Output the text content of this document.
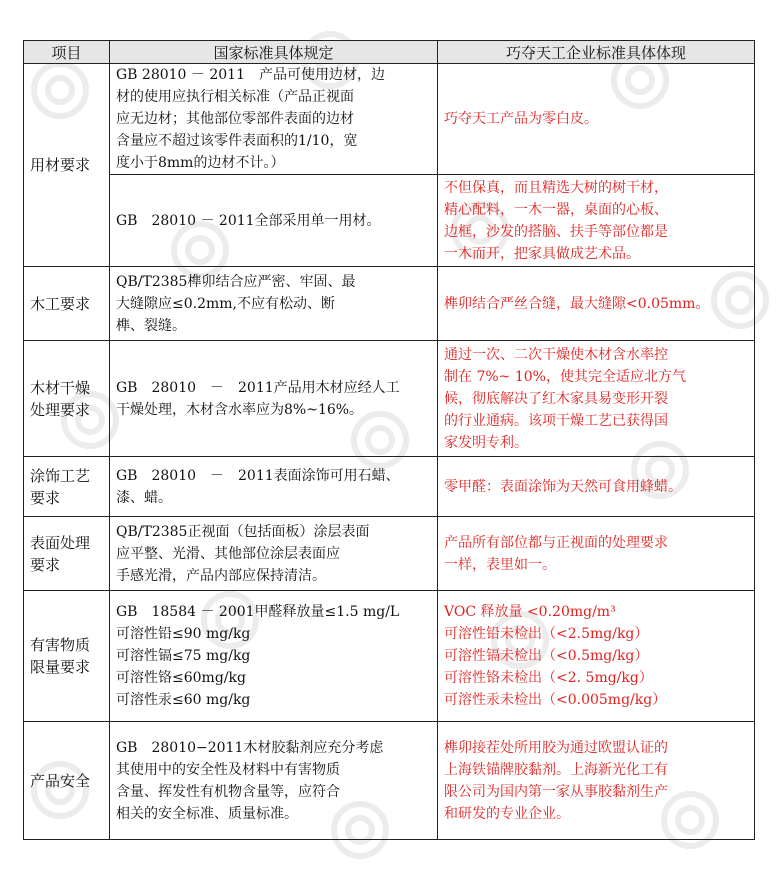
项目	国家标准具体规定	巧夺天工企业标准具体体现

用材要求	GB 28010 － 2011　产品可使用边材，边
材的使用应执行相关标准（产品正视面
应无边材；其他部位零部件表面的边材
含量应不超过该零件表面积的1/10，宽
度小于8mm的边材不计。）	巧夺天工产品为零白皮。

	GB　28010 － 2011全部采用单一用材。	不但保真，而且精选大树的树干材，
精心配料，一木一器，桌面的心板、
边框，沙发的搭脑、扶手等部位都是
一木而开，把家具做成艺术品。

木工要求	QB/T2385榫卯结合应严密、牢固、最
大缝隙应≤0.2mm,不应有松动、断
榫、裂缝。	榫卯结合严丝合缝，最大缝隙<0.05mm。

木材干燥
处理要求	GB　28010　－　2011产品用木材应经人工
干燥处理，木材含水率应为8%~16%。	通过一次、二次干燥使木材含水率控
制在 7%~ 10%，使其完全适应北方气
候，彻底解决了红木家具易变形开裂
的行业通病。该项干燥工艺已获得国
家发明专利。

涂饰工艺
要求	GB　28010　－　2011表面涂饰可用石蜡、
漆、蜡。	零甲醛：表面涂饰为天然可食用蜂蜡。

表面处理
要求	QB/T2385正视面（包括面板）涂层表面
应平整、光滑、其他部位涂层表面应
手感光滑，产品内部应保持清洁。	产品所有部位都与正视面的处理要求
一样，表里如一。

有害物质
限量要求	GB　18584 － 2001甲醛释放量≤1.5 mg/L
可溶性铅≤90 mg/kg
可溶性镉≤75 mg/kg
可溶性铬≤60mg/kg
可溶性汞≤60 mg/kg	VOC 释放量 <0.20mg/m³
可溶性铅未检出（<2.5mg/kg）
可溶性镉未检出（<0.5mg/kg）
可溶性铬未检出（<2. 5mg/kg）
可溶性汞未检出（<0.005mg/kg）

产品安全	GB　28010−2011木材胶黏剂应充分考虑
其使用中的安全性及材料中有害物质
含量、挥发性有机物含量等，应符合
相关的安全标准、质量标准。	榫卯接茬处所用胶为通过欧盟认证的
上海铁锚牌胶黏剂。上海新光化工有
限公司为国内第一家从事胶黏剂生产
和研发的专业企业。
